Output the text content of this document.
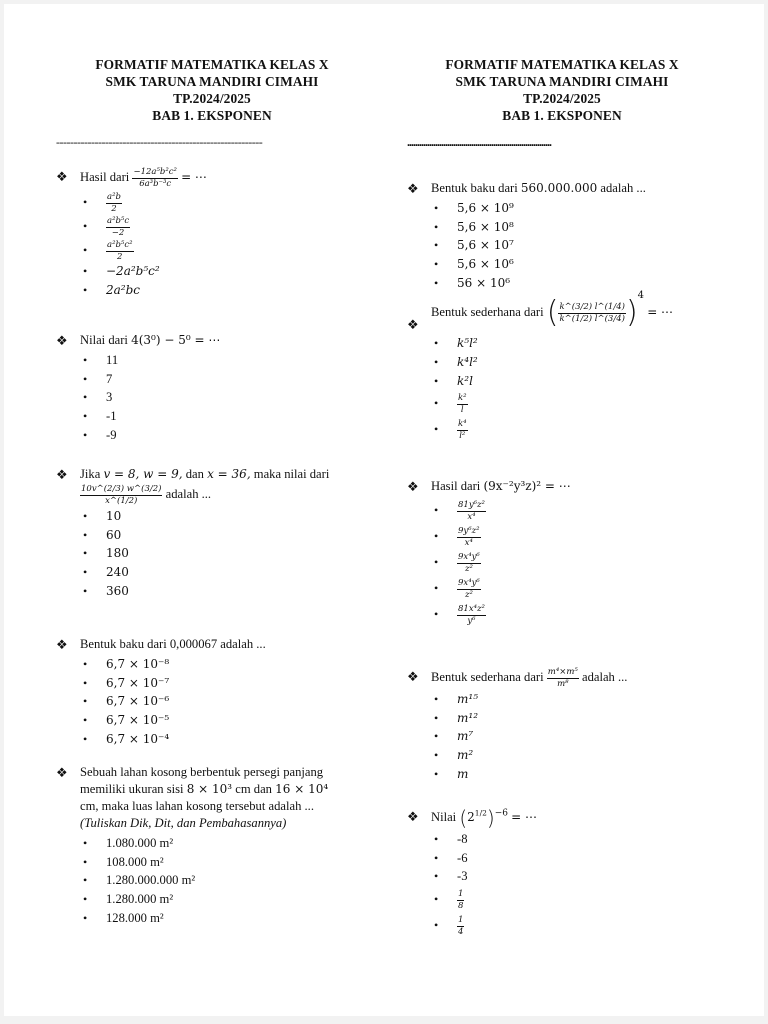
FORMATIF MATEMATIKA KELAS X
SMK TARUNA MANDIRI CIMAHI
TP.2024/2025
BAB 1. EKSPONEN
-----------------------------------------------------------
❖ Hasil dari $\frac{\text{−12a⁵b²c²}}{\text{6a³b⁻³c}}$ = ⋯
• $\frac{\text{a²b}}{2}$
• $\frac{\text{a²b⁵c}}{-2}$
• $\frac{\text{a²b⁵c²}}{2}$
• −2a²b⁵c²
• 2a²bc
❖ Nilai dari 4(3⁰) − 5⁰ = ⋯
• 11
• 7
• 3
• -1
• -9
❖ Jika v = 8, w = 9, dan x = 36, maka nilai dari
$\frac{10v\^{}(2/3) w\^{}(3/2)}{x\^{}(1/2)}$ adalah ...
• 10
• 60
• 180
• 240
• 360
❖ Bentuk baku dari 0,000067 adalah ...
• 6,7 × 10⁻⁸
• 6,7 × 10⁻⁷
• 6,7 × 10⁻⁶
• 6,7 × 10⁻⁵
• 6,7 × 10⁻⁴
❖ Sebuah lahan kosong berbentuk persegi panjang
memiliki ukuran sisi 8 × 10³ cm dan 16 × 10⁴
cm, maka luas lahan kosong tersebut adalah ...
(Tuliskan Dik, Dit, dan Pembahasannya)
• 1.080.000 m²
• 108.000 m²
• 1.280.000.000 m²
• 1.280.000 m²
• 128.000 m²
FORMATIF MATEMATIKA KELAS X
SMK TARUNA MANDIRI CIMAHI
TP.2024/2025
BAB 1. EKSPONEN
........................................................................
❖ Bentuk baku dari 560.000.000 adalah ...
• 5,6 × 10⁹
• 5,6 × 10⁸
• 5,6 × 10⁷
• 5,6 × 10⁶
• 56 × 10⁶
❖
Bentuk sederhana dari ( $\frac{k\^{}(3/2) l\^{}(1/4)}{k\^{}(1/2) l\^{}(3/4)} )^4$ = ⋯
• k⁵l²
• k⁴l²
• k²l
• $\frac{\text{k²}}{l}$
• $\frac{\text{k⁴}}{\text{l²}}$
❖ Hasil dari (9x⁻²y³z)² = ⋯
• $\frac{\text{81y⁶z²}}{\text{x⁴}}$
• $\frac{\text{9y⁶z²}}{\text{x⁴}}$
• $\frac{\text{9x⁴y⁶}}{\text{z²}}$
• $\frac{\text{9x⁴y⁶}}{\text{z²}}$
• $\frac{\text{81x⁴z²}}{\text{y⁶}}$
❖ Bentuk sederhana dari $\frac{\text{m⁴×m⁵}}{\text{m⁸}}$ adalah ...
• m¹⁵
• m¹²
• m⁷
• m²
• m
❖ Nilai $(2^{1/2})^{-6}$ = ⋯
• -8
• -6
• -3
• $\frac{1}{8}$
• $\frac{1}{4}$
